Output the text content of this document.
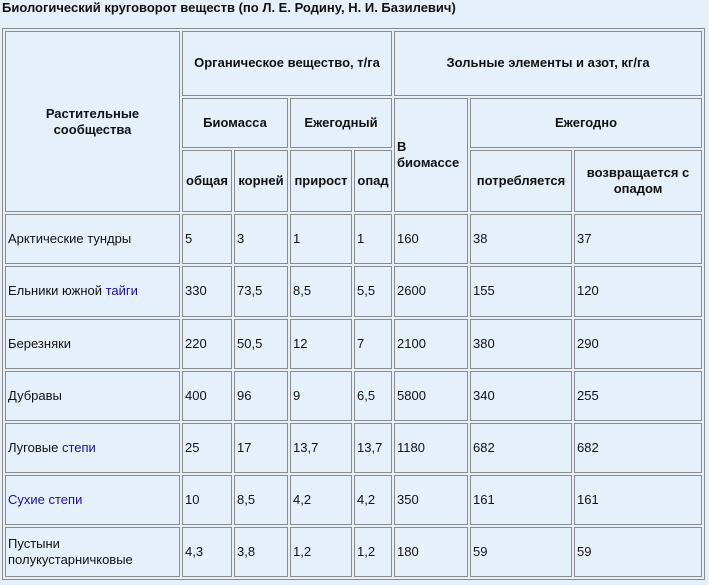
Биологический круговорот веществ (по Л. Е. Родину, Н. И. Базилевич)
Растительные сообщества	Органическое вещество, т/га				Зольные элементы и азот, кг/га		
	Биомасса		Ежегодный		В биомассе	Ежегодно	
	общая	корней	прирост	опад		потребляется	возвращается с опадом
Арктические тундры	5	3	1	1	160	38	37
Ельники южной тайги	330	73,5	8,5	5,5	2600	155	120
Березняки	220	50,5	12	7	2100	380	290
Дубравы	400	96	9	6,5	5800	340	255
Луговые степи	25	17	13,7	13,7	1180	682	682
Сухие степи	10	8,5	4,2	4,2	350	161	161
Пустыни полукустарничковые	4,3	3,8	1,2	1,2	180	59	59
